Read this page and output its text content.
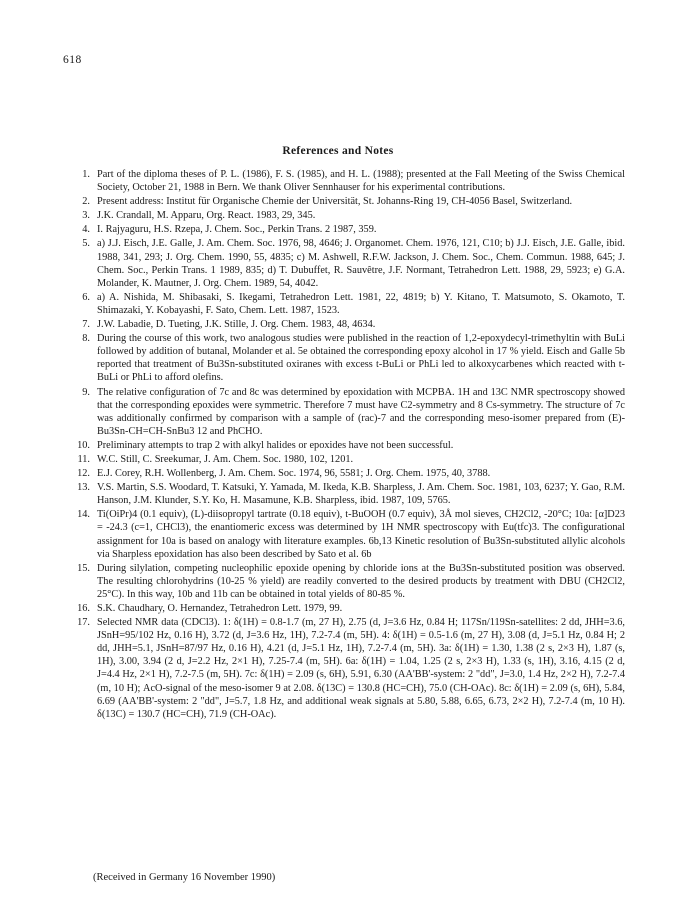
618
References and Notes
1. Part of the diploma theses of P. L. (1986), F. S. (1985), and H. L. (1988); presented at the Fall Meeting of the Swiss Chemical Society, October 21, 1988 in Bern. We thank Oliver Sennhauser for his experimental contributions.
2. Present address: Institut für Organische Chemie der Universität, St. Johanns-Ring 19, CH-4056 Basel, Switzerland.
3. J.K. Crandall, M. Apparu, Org. React. 1983, 29, 345.
4. I. Rajyaguru, H.S. Rzepa, J. Chem. Soc., Perkin Trans. 2 1987, 359.
5. a) J.J. Eisch, J.E. Galle, J. Am. Chem. Soc. 1976, 98, 4646; J. Organomet. Chem. 1976, 121, C10; b) J.J. Eisch, J.E. Galle, ibid. 1988, 341, 293; J. Org. Chem. 1990, 55, 4835; c) M. Ashwell, R.F.W. Jackson, J. Chem. Soc., Chem. Commun. 1988, 645; J. Chem. Soc., Perkin Trans. 1 1989, 835; d) T. Dubuffet, R. Sauvêtre, J.F. Normant, Tetrahedron Lett. 1988, 29, 5923; e) G.A. Molander, K. Mautner, J. Org. Chem. 1989, 54, 4042.
6. a) A. Nishida, M. Shibasaki, S. Ikegami, Tetrahedron Lett. 1981, 22, 4819; b) Y. Kitano, T. Matsumoto, S. Okamoto, T. Shimazaki, Y. Kobayashi, F. Sato, Chem. Lett. 1987, 1523.
7. J.W. Labadie, D. Tueting, J.K. Stille, J. Org. Chem. 1983, 48, 4634.
8. During the course of this work, two analogous studies were published in the reaction of 1,2-epoxydecyl-trimethyltin with BuLi followed by addition of butanal, Molander et al. 5e obtained the corresponding epoxy alcohol in 17 % yield. Eisch and Galle 5b reported that treatment of Bu3Sn-substituted oxiranes with excess t-BuLi or PhLi led to alkoxycarbenes which reacted with t-BuLi or PhLi to afford olefins.
9. The relative configuration of 7c and 8c was determined by epoxidation with MCPBA. 1H and 13C NMR spectroscopy showed that the corresponding epoxides were symmetric. Therefore 7 must have C2-symmetry and 8 Cs-symmetry. The structure of 7c was additionally confirmed by comparison with a sample of (rac)-7 and the corresponding meso-isomer prepared from (E)-Bu3Sn-CH=CH-SnBu3 12 and PhCHO.
10. Preliminary attempts to trap 2 with alkyl halides or epoxides have not been successful.
11. W.C. Still, C. Sreekumar, J. Am. Chem. Soc. 1980, 102, 1201.
12. E.J. Corey, R.H. Wollenberg, J. Am. Chem. Soc. 1974, 96, 5581; J. Org. Chem. 1975, 40, 3788.
13. V.S. Martin, S.S. Woodard, T. Katsuki, Y. Yamada, M. Ikeda, K.B. Sharpless, J. Am. Chem. Soc. 1981, 103, 6237; Y. Gao, R.M. Hanson, J.M. Klunder, S.Y. Ko, H. Masamune, K.B. Sharpless, ibid. 1987, 109, 5765.
14. Ti(OiPr)4 (0.1 equiv), (L)-diisopropyl tartrate (0.18 equiv), t-BuOOH (0.7 equiv), 3Å mol sieves, CH2Cl2, -20°C; 10a: [α]D23 = -24.3 (c=1, CHCl3), the enantiomeric excess was determined by 1H NMR spectroscopy with Eu(tfc)3. The configurational assignment for 10a is based on analogy with literature examples. 6b,13 Kinetic resolution of Bu3Sn-substituted allylic alcohols via Sharpless epoxidation has also been described by Sato et al. 6b
15. During silylation, competing nucleophilic epoxide opening by chloride ions at the Bu3Sn-substituted position was observed. The resulting chlorohydrins (10-25 % yield) are readily converted to the desired products by treatment with DBU (CH2Cl2, 25°C). In this way, 10b and 11b can be obtained in total yields of 80-85 %.
16. S.K. Chaudhary, O. Hernandez, Tetrahedron Lett. 1979, 99.
17. Selected NMR data (CDCl3). 1: δ(1H) = 0.8-1.7 (m, 27 H), 2.75 (d, J=3.6 Hz, 0.84 H; 117Sn/119Sn-satellites: 2 dd, JHH=3.6, JSnH=95/102 Hz, 0.16 H), 3.72 (d, J=3.6 Hz, 1H), 7.2-7.4 (m, 5H). 4: δ(1H) = 0.5-1.6 (m, 27 H), 3.08 (d, J=5.1 Hz, 0.84 H; 2 dd, JHH=5.1, JSnH=87/97 Hz, 0.16 H), 4.21 (d, J=5.1 Hz, 1H), 7.2-7.4 (m, 5H). 3a: δ(1H) = 1.30, 1.38 (2 s, 2×3 H), 1.87 (s, 1H), 3.00, 3.94 (2 d, J=2.2 Hz, 2×1 H), 7.25-7.4 (m, 5H). 6a: δ(1H) = 1.04, 1.25 (2 s, 2×3 H), 1.33 (s, 1H), 3.16, 4.15 (2 d, J=4.4 Hz, 2×1 H), 7.2-7.5 (m, 5H). 7c: δ(1H) = 2.09 (s, 6H), 5.91, 6.30 (AA'BB'-system: 2 "dd", J=3.0, 1.4 Hz, 2×2 H), 7.2-7.4 (m, 10 H); AcO-signal of the meso-isomer 9 at 2.08. δ(13C) = 130.8 (HC=CH), 75.0 (CH-OAc). 8c: δ(1H) = 2.09 (s, 6H), 5.84, 6.69 (AA'BB'-system: 2 "dd", J=5.7, 1.8 Hz, and additional weak signals at 5.80, 5.88, 6.65, 6.73, 2×2 H), 7.2-7.4 (m, 10 H). δ(13C) = 130.7 (HC=CH), 71.9 (CH-OAc).
(Received in Germany 16 November 1990)
